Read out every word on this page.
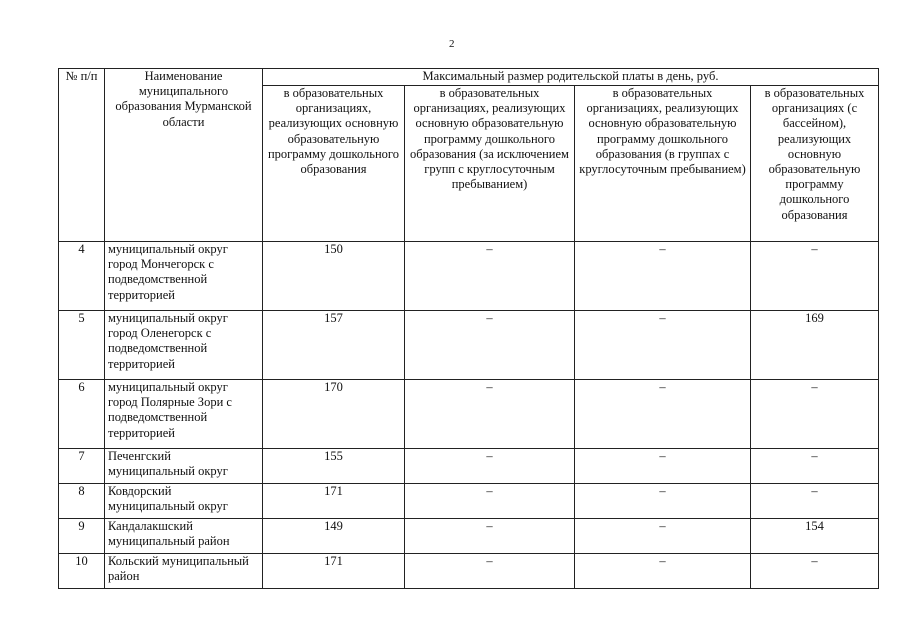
2
№ п/п	Наименование муниципального образования Мурманской области	Максимальный размер родительской платы в день, руб.			
		в образовательных организациях, реализующих основную образовательную программу дошкольного образования	в образовательных организациях, реализующих основную образовательную программу дошкольного образования (за исключением групп с круглосуточным пребыванием)	в образовательных организациях, реализующих основную образовательную программу дошкольного образования (в группах с круглосуточным пребыванием)	в образовательных организациях (с бассейном), реализующих основную образовательную программу дошкольного образования
4	муниципальный округ город Мончегорск с подведомственной территорией	150	–	–	–
5	муниципальный округ город Оленегорск с подведомственной территорией	157	–	–	169
6	муниципальный округ город Полярные Зори с подведомственной территорией	170	–	–	–
7	Печенгский муниципальный округ	155	–	–	–
8	Ковдорский муниципальный округ	171	–	–	–
9	Кандалакшский муниципальный район	149	–	–	154
10	Кольский муниципальный район	171	–	–	–
